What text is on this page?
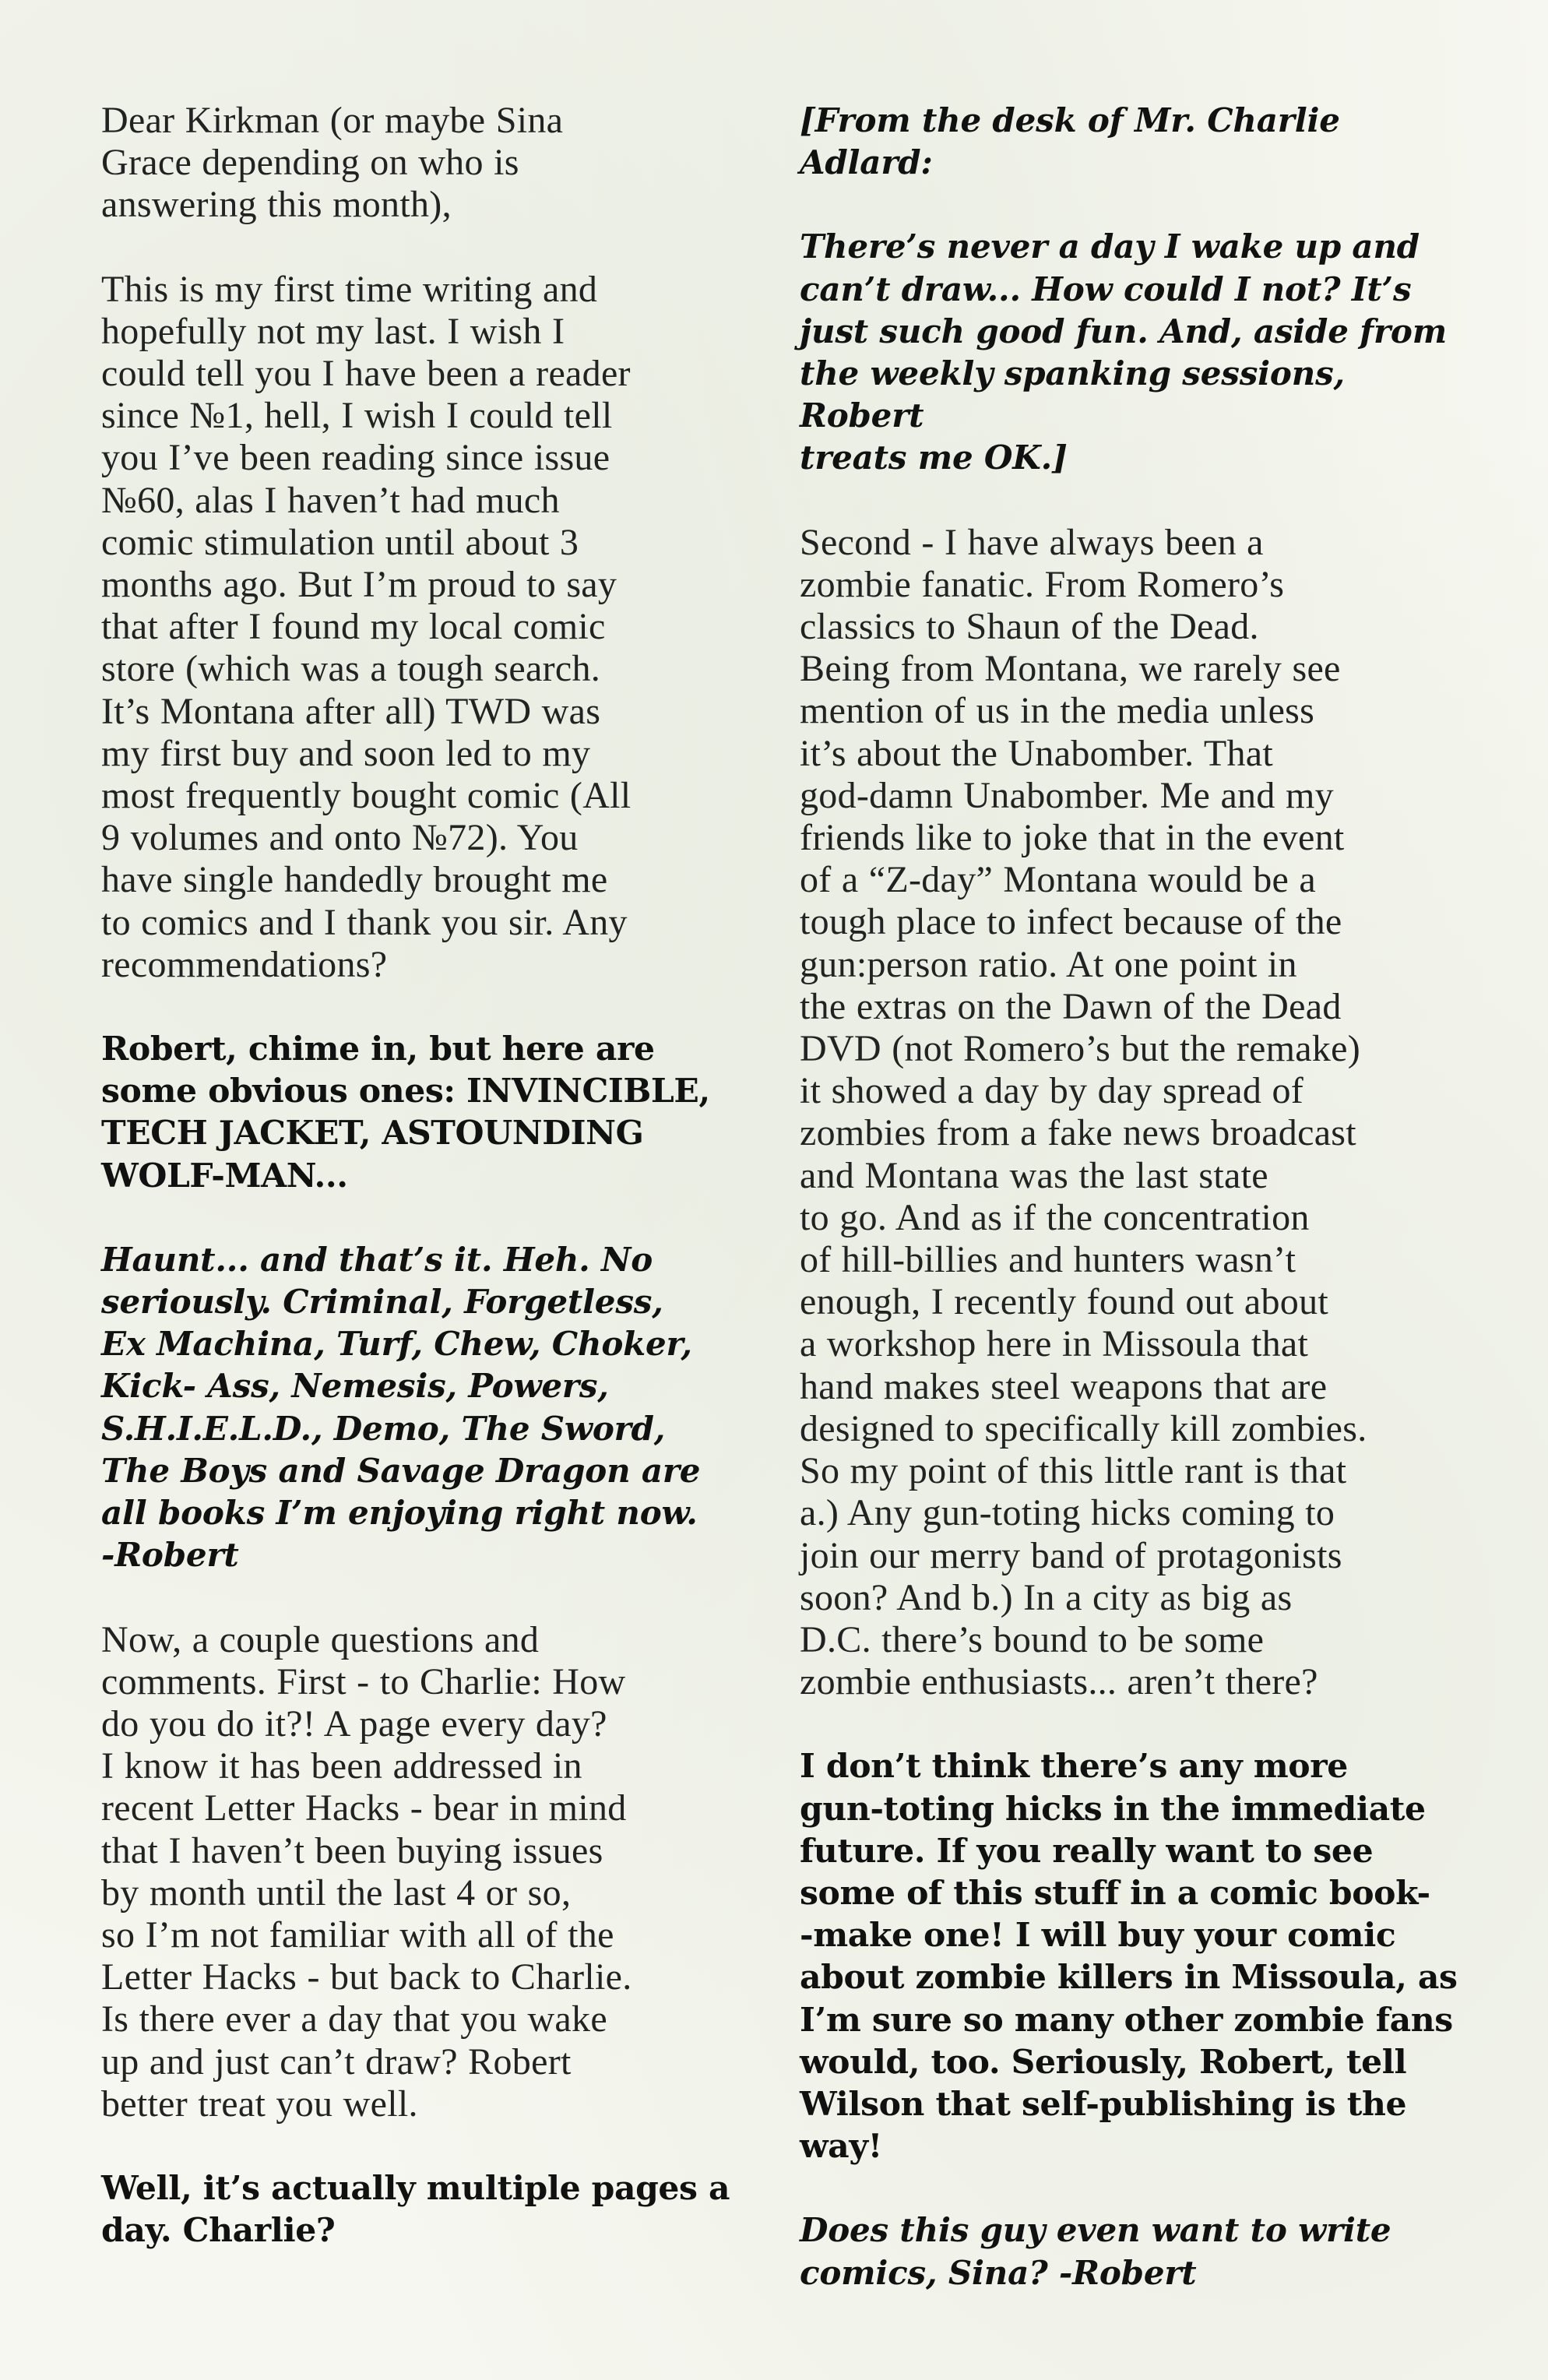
Dear Kirkman (or maybe Sina
Grace depending on who is
answering this month),

This is my first time writing and
hopefully not my last. I wish I
could tell you I have been a reader
since №1, hell, I wish I could tell
you I’ve been reading since issue
№60, alas I haven’t had much
comic stimulation until about 3
months ago. But I’m proud to say
that after I found my local comic
store (which was a tough search.
It’s Montana after all) TWD was
my first buy and soon led to my
most frequently bought comic (All
9 volumes and onto №72). You
have single handedly brought me
to comics and I thank you sir. Any
recommendations?

Robert, chime in, but here are
some obvious ones: INVINCIBLE,
TECH JACKET, ASTOUNDING
WOLF-MAN...

Haunt... and that’s it. Heh. No
seriously. Criminal, Forgetless,
Ex Machina, Turf, Chew, Choker,
Kick- Ass, Nemesis, Powers,
S.H.I.E.L.D., Demo, The Sword,
The Boys and Savage Dragon are
all books I’m enjoying right now.
-Robert

Now, a couple questions and
comments. First - to Charlie: How
do you do it?! A page every day?
I know it has been addressed in
recent Letter Hacks - bear in mind
that I haven’t been buying issues
by month until the last 4 or so,
so I’m not familiar with all of the
Letter Hacks - but back to Charlie.
Is there ever a day that you wake
up and just can’t draw? Robert
better treat you well.

Well, it’s actually multiple pages a
day. Charlie?

[From the desk of Mr. Charlie
Adlard:

There’s never a day I wake up and
can’t draw... How could I not? It’s
just such good fun. And, aside from
the weekly spanking sessions, Robert
treats me OK.]

Second - I have always been a
zombie fanatic. From Romero’s
classics to Shaun of the Dead.
Being from Montana, we rarely see
mention of us in the media unless
it’s about the Unabomber. That
god-damn Unabomber. Me and my
friends like to joke that in the event
of a “Z-day” Montana would be a
tough place to infect because of the
gun:person ratio. At one point in
the extras on the Dawn of the Dead
DVD (not Romero’s but the remake)
it showed a day by day spread of
zombies from a fake news broadcast
and Montana was the last state
to go. And as if the concentration
of hill-billies and hunters wasn’t
enough, I recently found out about
a workshop here in Missoula that
hand makes steel weapons that are
designed to specifically kill zombies.
So my point of this little rant is that
a.) Any gun-toting hicks coming to
join our merry band of protagonists
soon? And b.) In a city as big as
D.C. there’s bound to be some
zombie enthusiasts... aren’t there?

I don’t think there’s any more
gun-toting hicks in the immediate
future. If you really want to see
some of this stuff in a comic book-
-make one! I will buy your comic
about zombie killers in Missoula, as
I’m sure so many other zombie fans
would, too. Seriously, Robert, tell
Wilson that self-publishing is the
way!

Does this guy even want to write
comics, Sina? -Robert
